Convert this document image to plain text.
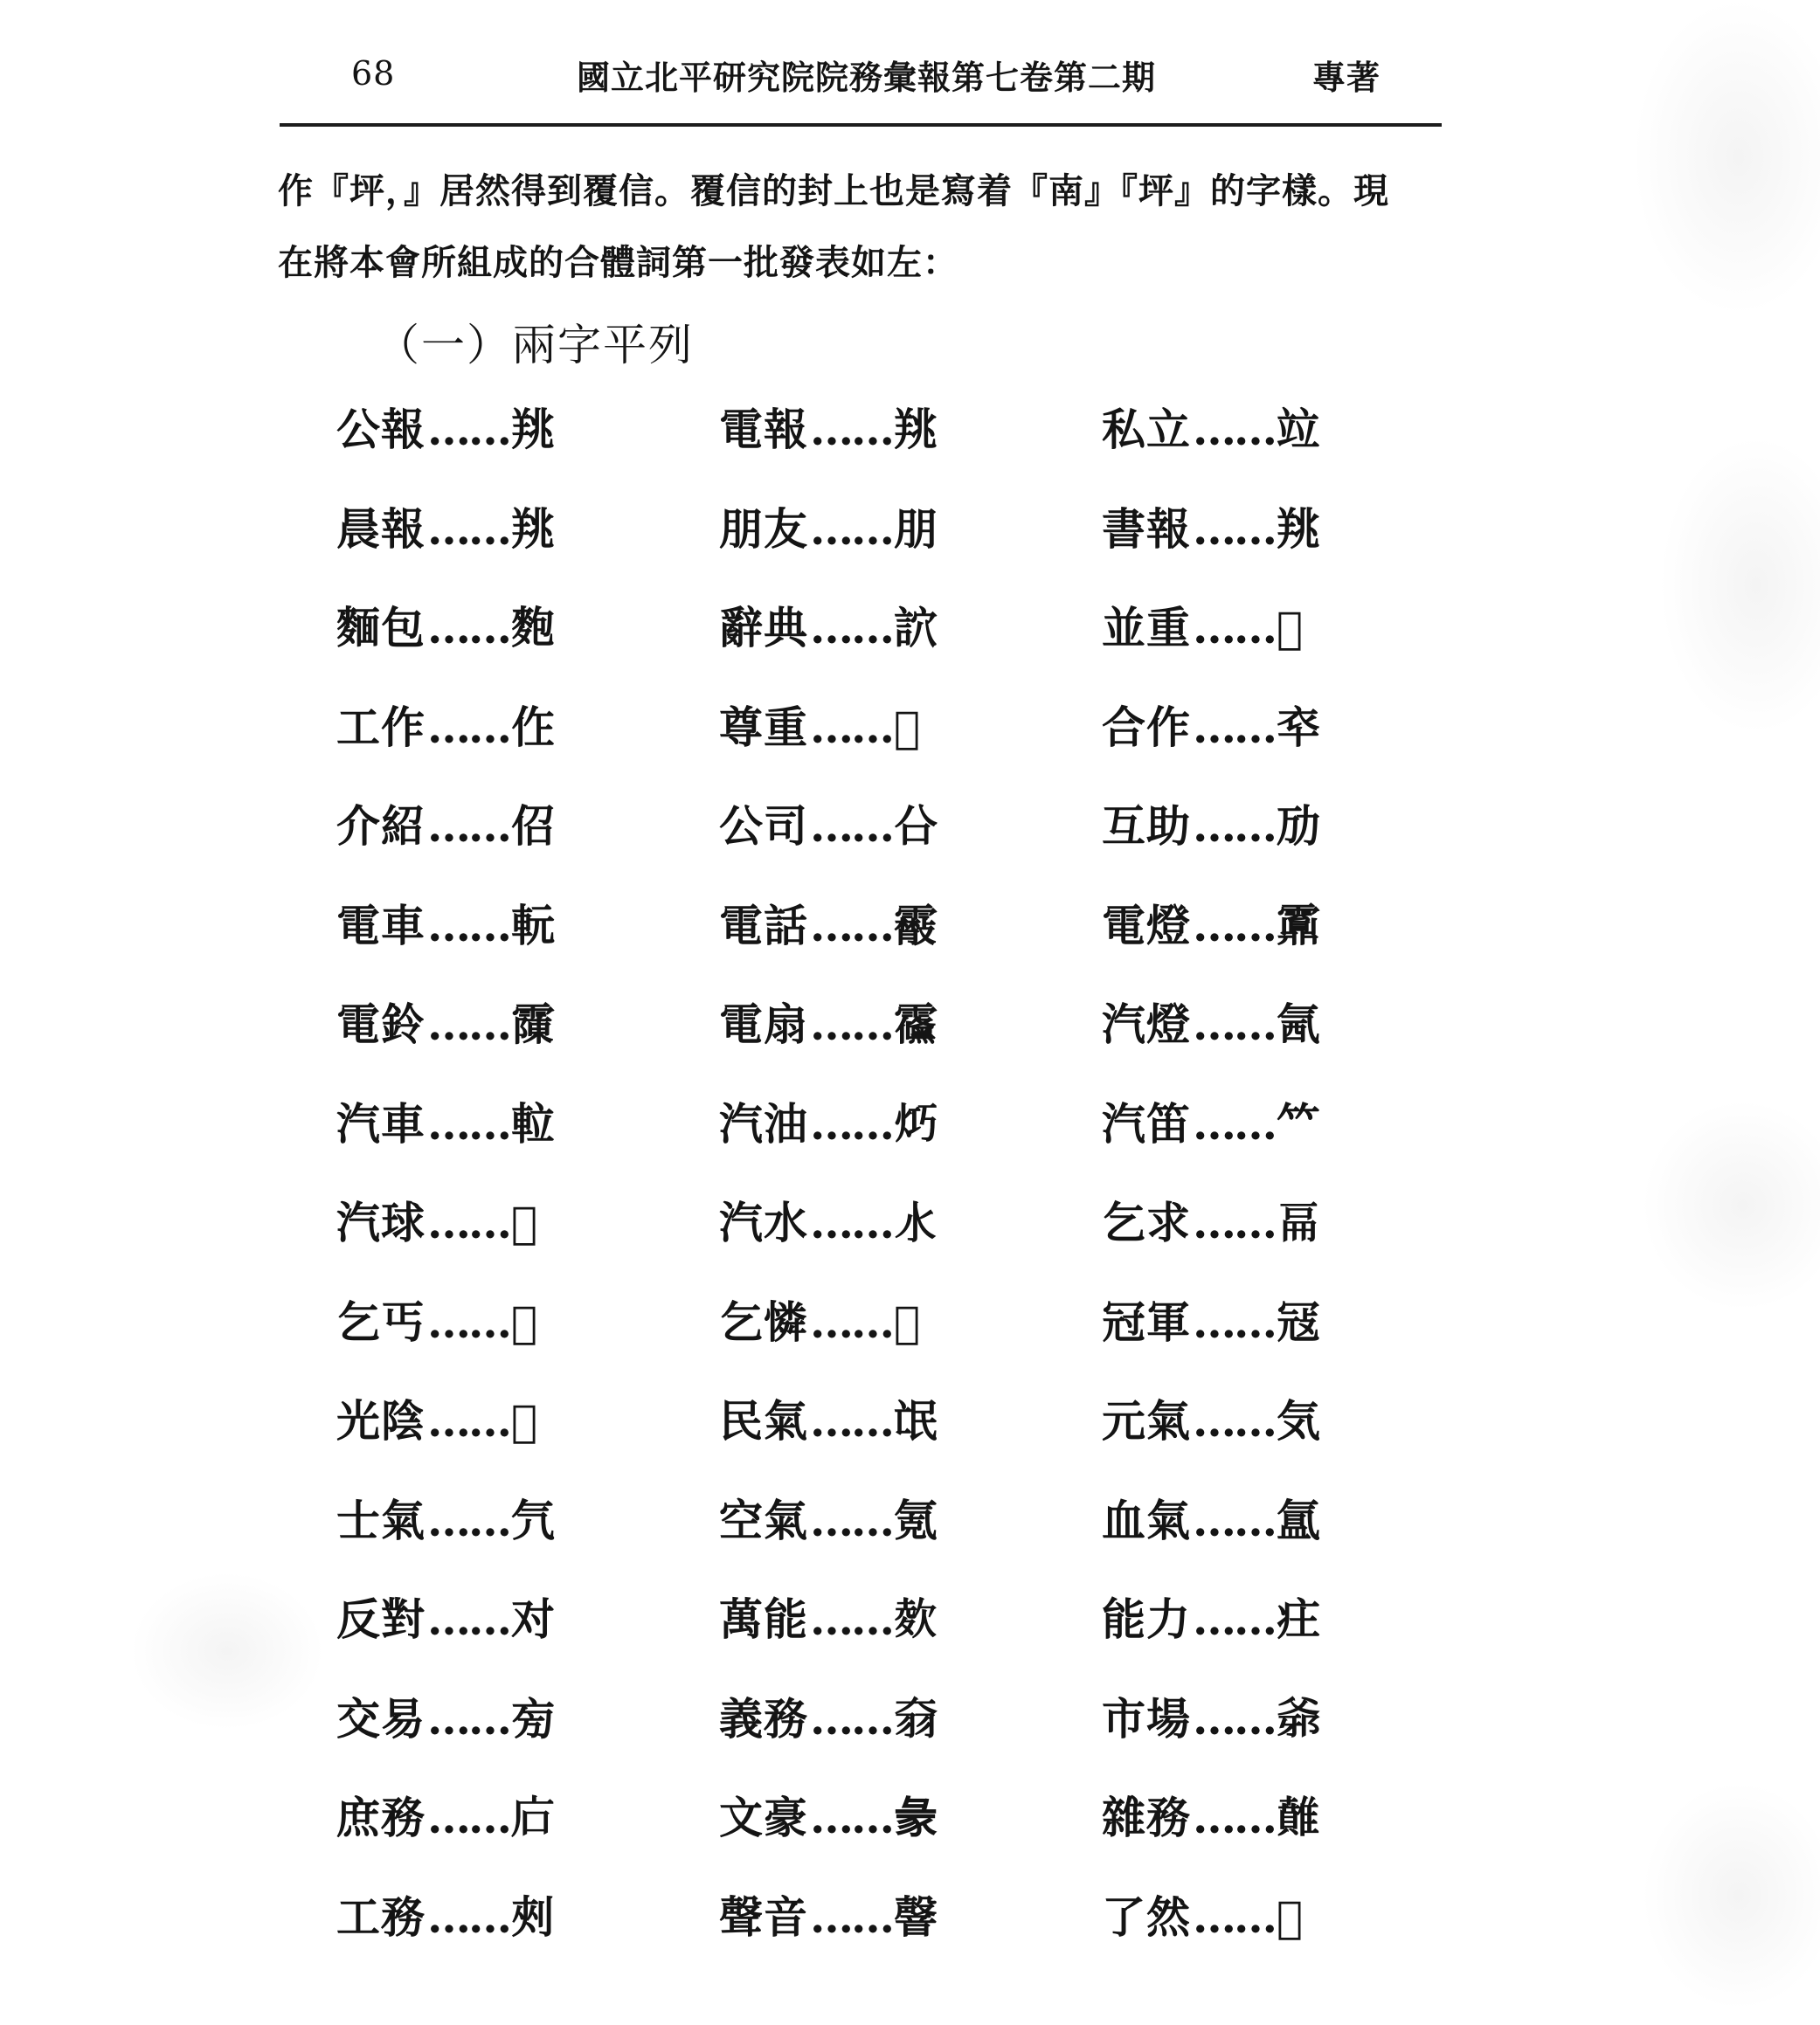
68	國立北平研究院院務彙報第七卷第二期	專著

作『坪，』居然得到覆信。覆信的封上也是寫着『南』『坪』的字樣。現

在將本會所組成的合體詞第一批發表如左：

（一）兩字平列
公報……䍮	電報……䍮	私立……竝
晨報……䍮	朋友……朋	書報……䍮
麵包……麭	辭典……䛎	並重……𨤲
工作……㑅	尊重……𨤲	合作……䘚
介紹……佋	公司……㕣	互助……劢
電車……䡇	電話……䨷	電燈……䨶
電鈴……䨯	電扇……䨹	汽燈……氥
汽車……𨋢	汽油……𤇤	汽笛……𥫗
汽球……𤥉	汽水……𣱱	乞求……𠀷
乞丐……𠀺	乞憐……𢥊	冠軍……冦
光陰……𤽗	民氣……氓	元氣……気
士氣……氕	空氣……氪	血氣……氲
反對……对	萬能……𣣋	能力……㽵
交易……㫄	義務……𦏷	市場……𤕓
庶務……𢇞	文豪……𧰲	雜務……𩀴
工務……㓨	聲音……韾	了然……𤈷
